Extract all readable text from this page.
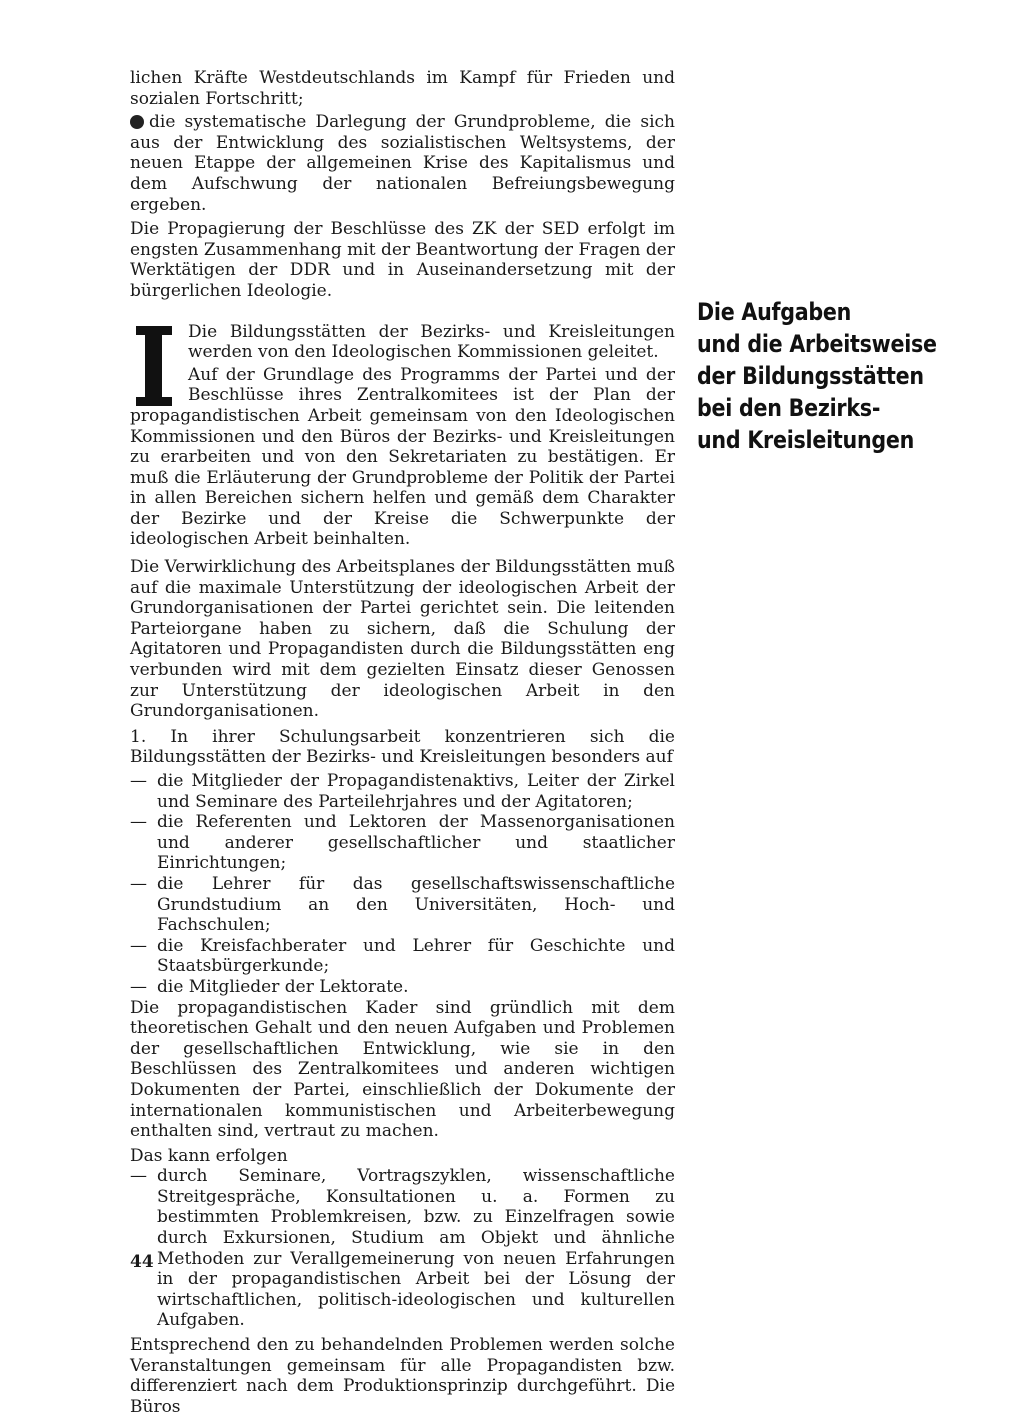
lichen Kräfte Westdeutschlands im Kampf für Frieden und sozialen Fortschritt;

die systematische Darlegung der Grundprobleme, die sich aus der Entwicklung des sozialistischen Weltsystems, der neuen Etappe der allgemeinen Krise des Kapitalismus und dem Aufschwung der nationalen Befreiungsbewegung ergeben.

Die Propagierung der Beschlüsse des ZK der SED erfolgt im engsten Zusammenhang mit der Beantwortung der Fragen der Werktätigen der DDR und in Auseinandersetzung mit der bürgerlichen Ideologie.

Die Bildungsstätten der Bezirks- und Kreisleitungen werden von den Ideologischen Kommissionen geleitet.

Auf der Grundlage des Programms der Partei und der Beschlüsse ihres Zentralkomitees ist der Plan der propagandistischen Arbeit gemeinsam von den Ideologischen Kommissionen und den Büros der Bezirks- und Kreisleitungen zu erarbeiten und von den Sekretariaten zu bestätigen. Er muß die Erläuterung der Grundprobleme der Politik der Partei in allen Bereichen sichern helfen und gemäß dem Charakter der Bezirke und der Kreise die Schwerpunkte der ideologischen Arbeit beinhalten.

Die Verwirklichung des Arbeitsplanes der Bildungsstätten muß auf die maximale Unterstützung der ideologischen Arbeit der Grundorganisationen der Partei gerichtet sein. Die leitenden Parteiorgane haben zu sichern, daß die Schulung der Agitatoren und Propagandisten durch die Bildungsstätten eng verbunden wird mit dem gezielten Einsatz dieser Genossen zur Unterstützung der ideologischen Arbeit in den Grundorganisationen.

1. In ihrer Schulungsarbeit konzentrieren sich die Bildungsstätten der Bezirks- und Kreisleitungen besonders auf

— die Mitglieder der Propagandistenaktivs, Leiter der Zirkel und Seminare des Parteilehrjahres und der Agitatoren;
— die Referenten und Lektoren der Massenorganisationen und anderer gesellschaftlicher und staatlicher Einrichtungen;
— die Lehrer für das gesellschaftswissenschaftliche Grundstudium an den Universitäten, Hoch- und Fachschulen;
— die Kreisfachberater und Lehrer für Geschichte und Staatsbürgerkunde;
— die Mitglieder der Lektorate.

Die propagandistischen Kader sind gründlich mit dem theoretischen Gehalt und den neuen Aufgaben und Problemen der gesellschaftlichen Entwicklung, wie sie in den Beschlüssen des Zentralkomitees und anderen wichtigen Dokumenten der Partei, einschließlich der Dokumente der internationalen kommunistischen und Arbeiterbewegung enthalten sind, vertraut zu machen.

Das kann erfolgen

— durch Seminare, Vortragszyklen, wissenschaftliche Streitgespräche, Konsultationen u. a. Formen zu bestimmten Problemkreisen, bzw. zu Einzelfragen sowie durch Exkursionen, Studium am Objekt und ähnliche Methoden zur Verallgemeinerung von neuen Erfahrungen in der propagandistischen Arbeit bei der Lösung der wirtschaftlichen, politisch-ideologischen und kulturellen Aufgaben.

Entsprechend den zu behandelnden Problemen werden solche Veranstaltungen gemeinsam für alle Propagandisten bzw. differenziert nach dem Produktionsprinzip durchgeführt. Die Büros

Die Aufgaben
und die Arbeitsweise
der Bildungsstätten
bei den Bezirks-
und Kreisleitungen
44
